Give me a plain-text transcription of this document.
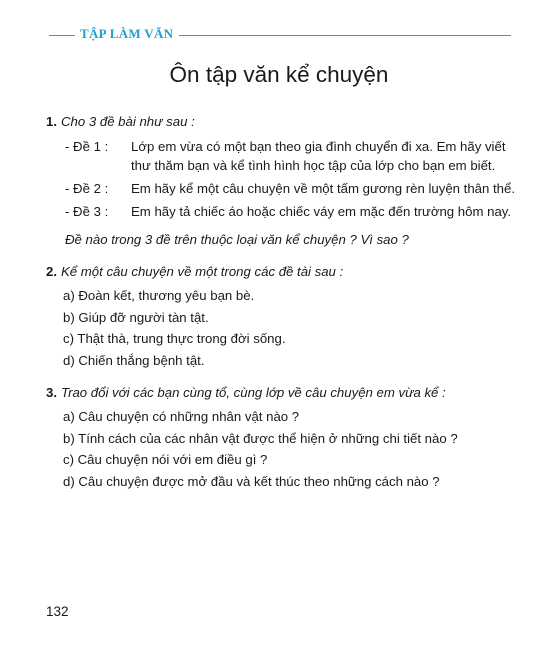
TẬP LÀM VĂN
Ôn tập văn kể chuyện
1. Cho 3 đề bài như sau :
- Đề 1 :	Lớp em vừa có một bạn theo gia đình chuyển đi xa. Em hãy viết thư thăm bạn và kể tình hình học tập của lớp cho bạn em biết.
- Đề 2 :	Em hãy kể một câu chuyện về một tấm gương rèn luyện thân thể.
- Đề 3 :	Em hãy tả chiếc áo hoặc chiếc váy em mặc đến trường hôm nay.
Đề nào trong 3 đề trên thuộc loại văn kể chuyện ? Vì sao ?
2. Kể một câu chuyện về một trong các đề tài sau :
a) Đoàn kết, thương yêu bạn bè.
b) Giúp đỡ người tàn tật.
c) Thật thà, trung thực trong đời sống.
d) Chiến thắng bệnh tật.
3. Trao đổi với các bạn cùng tổ, cùng lớp về câu chuyện em vừa kể :
a) Câu chuyện có những nhân vật nào ?
b) Tính cách của các nhân vật được thể hiện ở những chi tiết nào ?
c) Câu chuyện nói với em điều gì ?
d) Câu chuyện được mở đầu và kết thúc theo những cách nào ?
132
